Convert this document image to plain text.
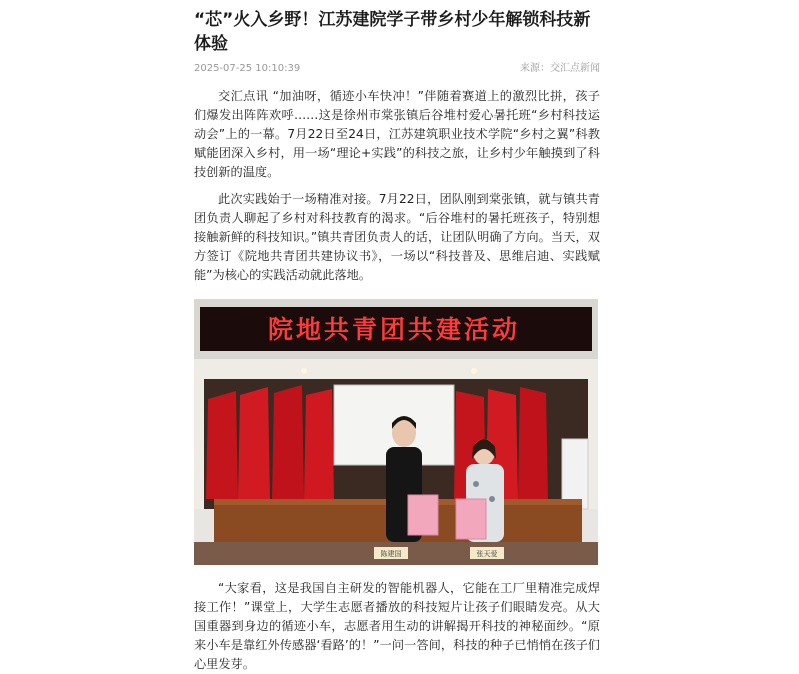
“芯”火入乡野！江苏建院学子带乡村少年解锁科技新体验
2025-07-25 10:10:39	来源：交汇点新闻

交汇点讯 “加油呀，循迹小车快冲！”伴随着赛道上的激烈比拼，孩子们爆发出阵阵欢呼……这是徐州市棠张镇后谷堆村爱心暑托班“乡村科技运动会”上的一幕。7月22日至24日，江苏建筑职业技术学院“乡村之翼”科教赋能团深入乡村，用一场“理论+实践”的科技之旅，让乡村少年触摸到了科技创新的温度。

此次实践始于一场精准对接。7月22日，团队刚到棠张镇，就与镇共青团负责人聊起了乡村对科技教育的渴求。“后谷堆村的暑托班孩子，特别想接触新鲜的科技知识。”镇共青团负责人的话，让团队明确了方向。当天，双方签订《院地共青团共建协议书》，一场以“科技普及、思维启迪、实践赋能”为核心的实践活动就此落地。

院地共青团共建活动
陈建国	张天爱

“大家看，这是我国自主研发的智能机器人，它能在工厂里精准完成焊接工作！”课堂上，大学生志愿者播放的科技短片让孩子们眼睛发亮。从大国重器到身边的循迹小车，志愿者用生动的讲解揭开科技的神秘面纱。“原来小车是靠红外传感器‘看路’的！”一问一答间，科技的种子已悄悄在孩子们心里发芽。
